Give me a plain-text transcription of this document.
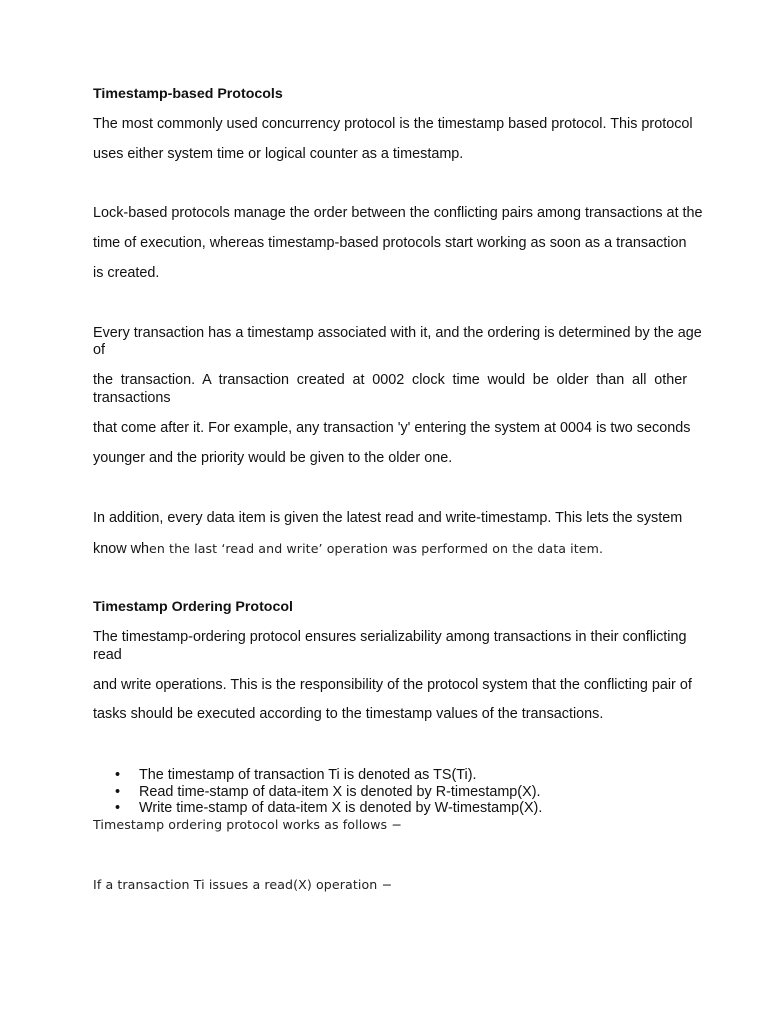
Timestamp-based Protocols
The most commonly used concurrency protocol is the timestamp based protocol. This protocol
uses either system time or logical counter as a timestamp.
Lock-based protocols manage the order between the conflicting pairs among transactions at the
time of execution, whereas timestamp-based protocols start working as soon as a transaction
is created.
Every transaction has a timestamp associated with it, and the ordering is determined by the age
of
the transaction. A transaction created at 0002 clock time would be older than all other
transactions
that come after it. For example, any transaction 'y' entering the system at 0004 is two seconds
younger and the priority would be given to the older one.
In addition, every data item is given the latest read and write-timestamp. This lets the system
know when the last ‘read and write’ operation was performed on the data item.
Timestamp Ordering Protocol
The timestamp-ordering protocol ensures serializability among transactions in their conflicting
read
and write operations. This is the responsibility of the protocol system that the conflicting pair of
tasks should be executed according to the timestamp values of the transactions.
• The timestamp of transaction Ti is denoted as TS(Ti).
• Read time-stamp of data-item X is denoted by R-timestamp(X).
• Write time-stamp of data-item X is denoted by W-timestamp(X).
Timestamp ordering protocol works as follows −
If a transaction Ti issues a read(X) operation −
